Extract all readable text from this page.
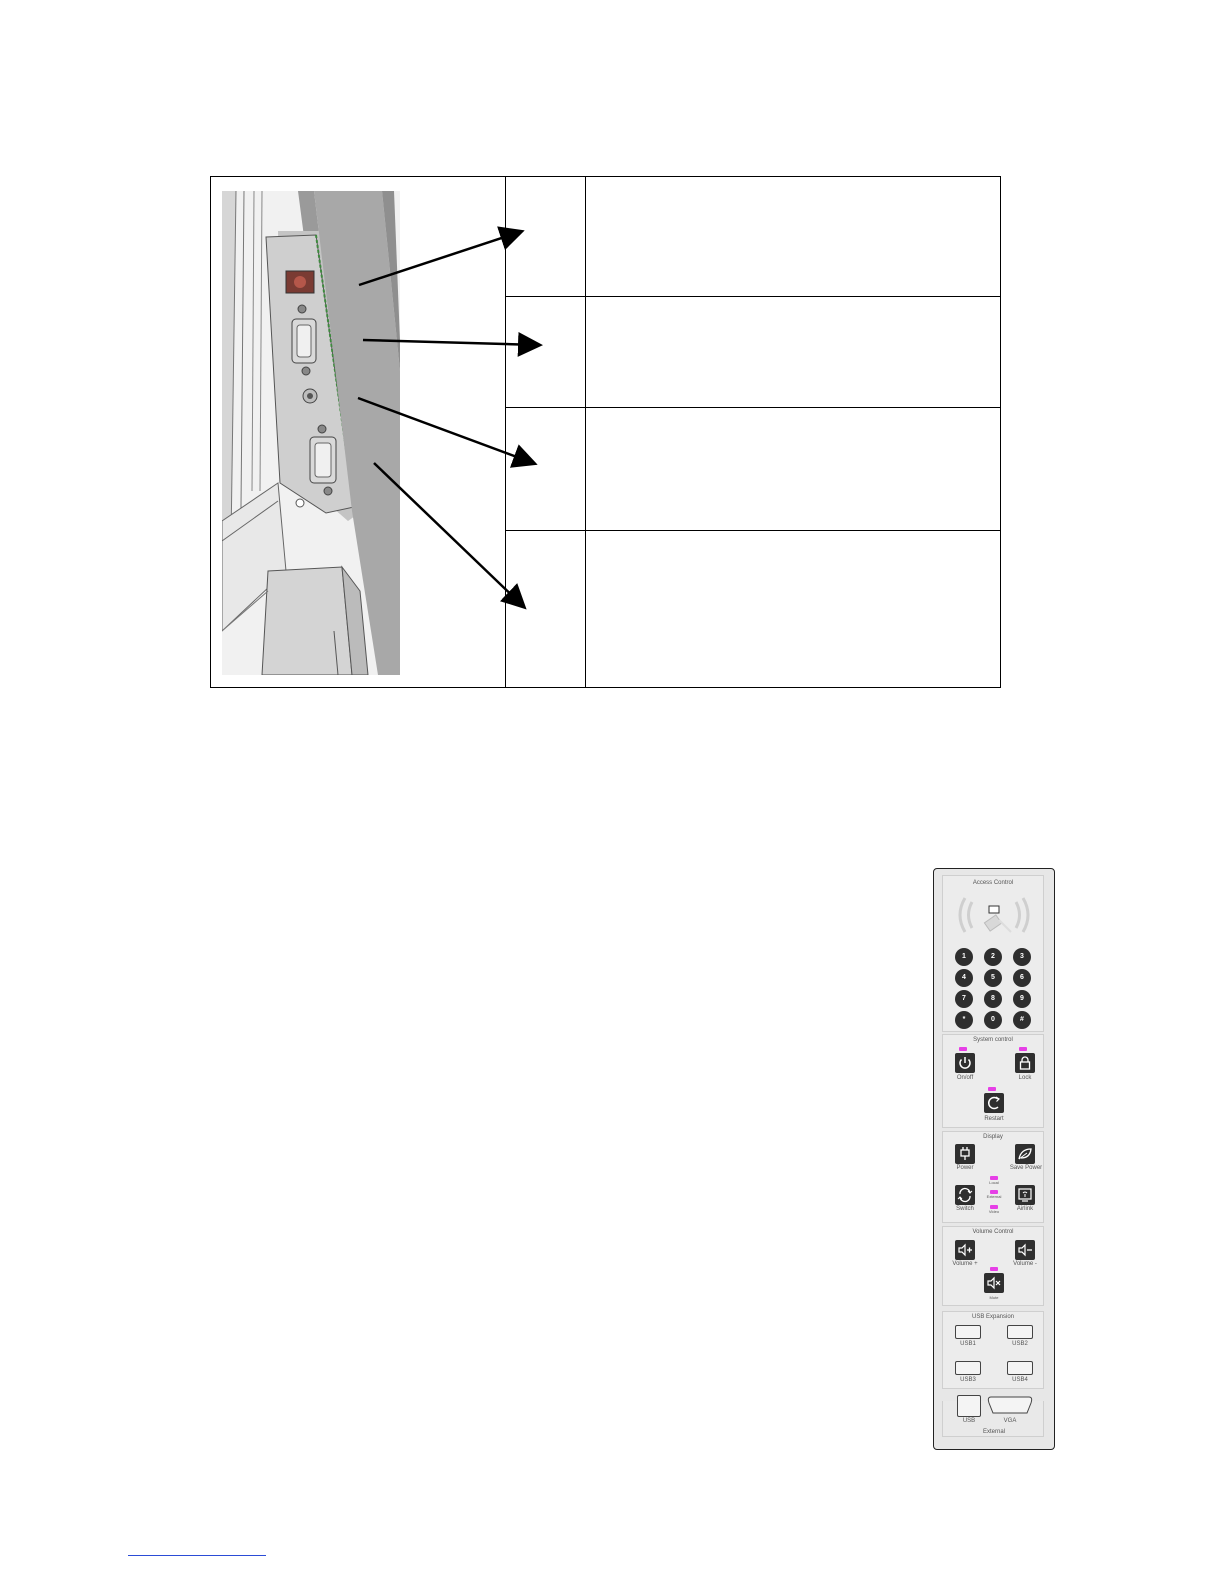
Access Control
1	2	3
4	5	6
7	8	9
*	0	#
System control
On/off	Lock
Restart
Display
Power	Save Power
Local
External
Video
Switch	Airlink
Volume Control
Volume +	Volume -
Mute
USB Expansion
USB1	USB2
USB3	USB4
USB	VGA
External
